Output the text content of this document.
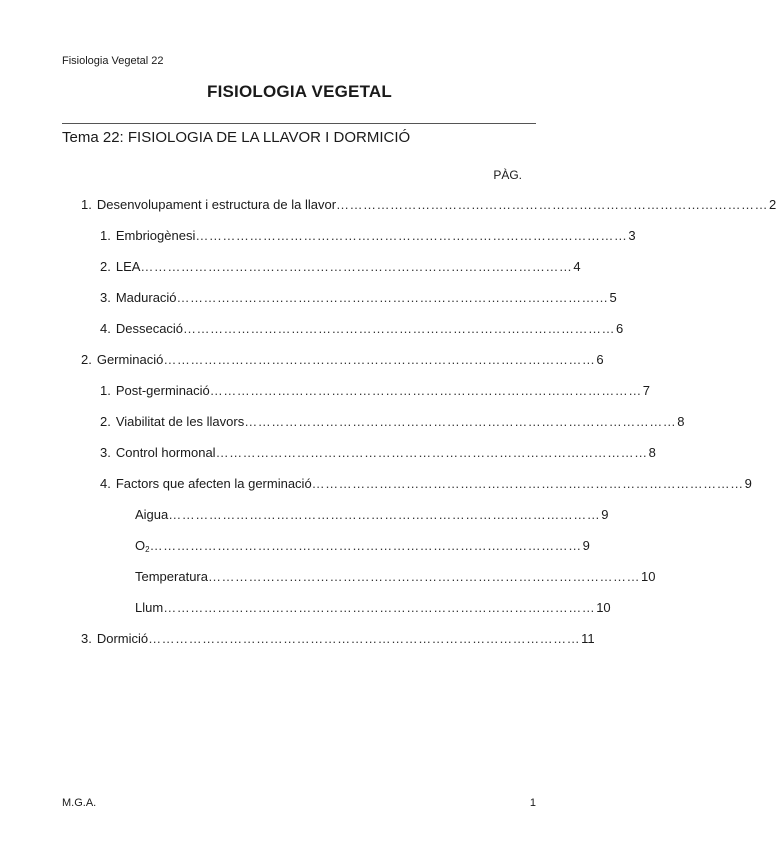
Fisiologia Vegetal 22
FISIOLOGIA VEGETAL
Tema 22: FISIOLOGIA DE LA LLAVOR I DORMICIÓ
PÀG.
1. Desenvolupament i estructura de la llavor …………………………………………………………………………………… 2
1. Embriogènesi …………………………………………………………………………………… 3
2. LEA …………………………………………………………………………………… 4
3. Maduració …………………………………………………………………………………… 5
4. Dessecació …………………………………………………………………………………… 6
2. Germinació …………………………………………………………………………………… 6
1. Post-germinació …………………………………………………………………………………… 7
2. Viabilitat de les llavors …………………………………………………………………………………… 8
3. Control hormonal …………………………………………………………………………………… 8
4. Factors que afecten la germinació …………………………………………………………………………………… 9
Aigua …………………………………………………………………………………… 9
$O_2$ …………………………………………………………………………………… 9
Temperatura …………………………………………………………………………………… 10
Llum …………………………………………………………………………………… 10
3. Dormició …………………………………………………………………………………… 11
M.G.A.	1
